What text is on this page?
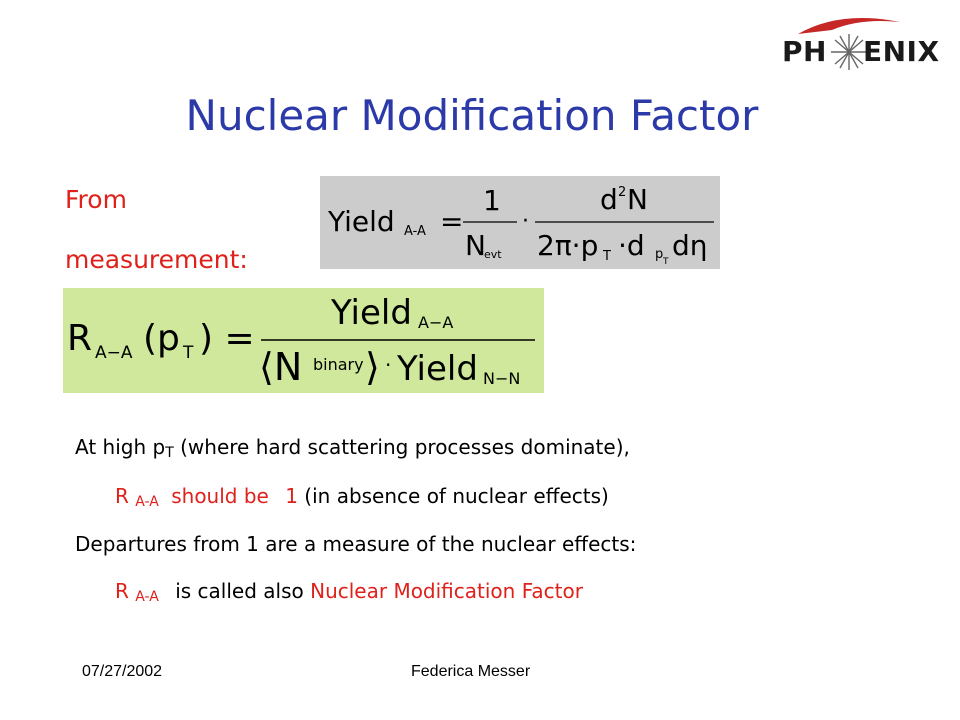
PH ENIX
Nuclear Modification Factor
From
measurement:
Yield A-A =
1
N
evt
·
d 2 N
2π·p T ·d p T dη
R A−A (p T ) =
Yield A−A
⟨N binary ⟩ · Yield N−N
At high $p_T$ (where hard scattering processes dominate),
R $_{A-A}$ should be 1 (in absence of nuclear effects)
Departures from 1 are a measure of the nuclear effects:
R $_{A-A}$ is called also Nuclear Modification Factor
07/27/2002	Federica Messer
